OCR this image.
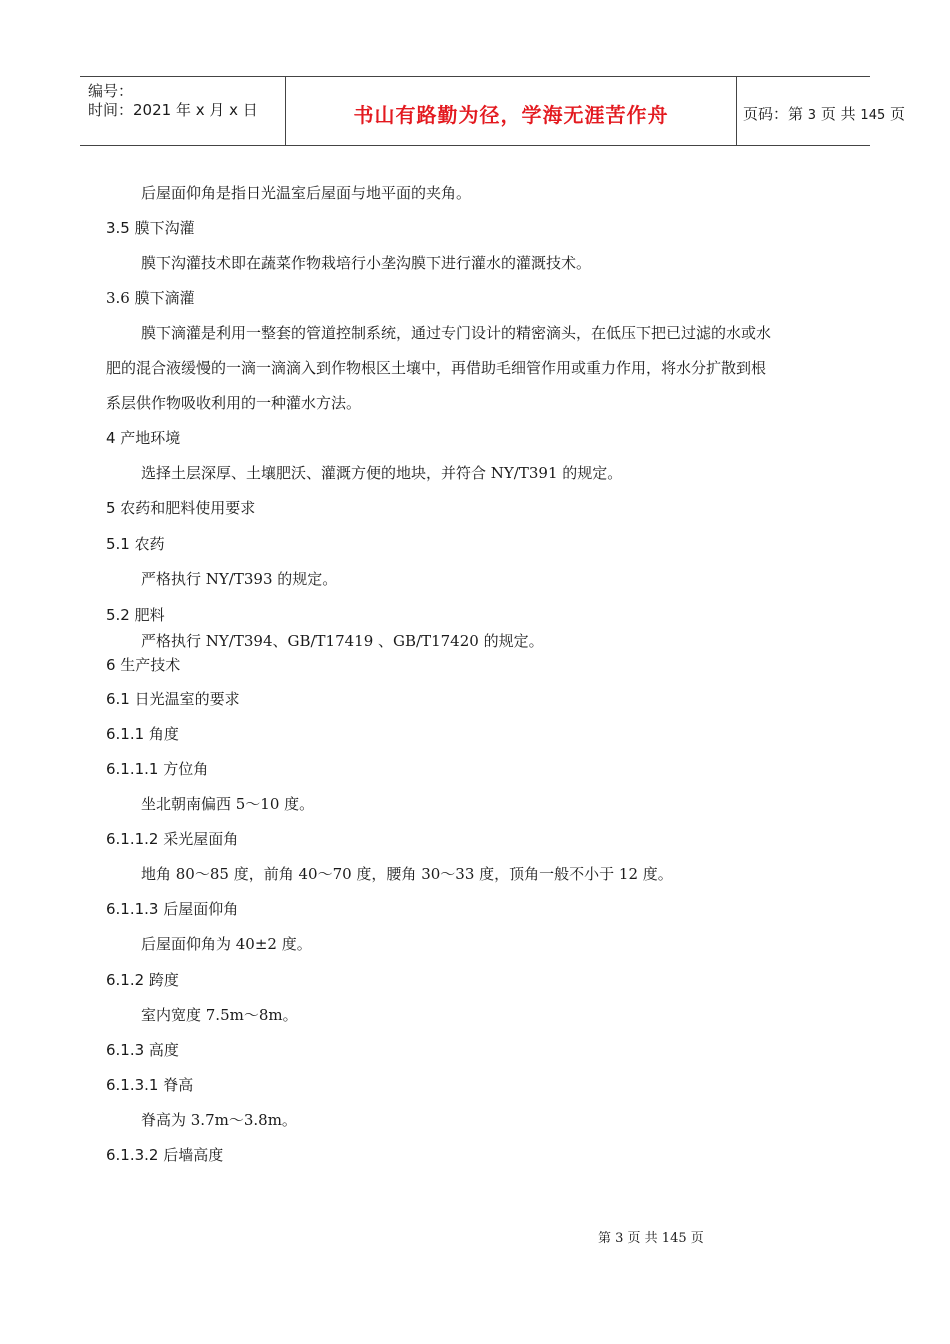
编号：
时间：2021 年 x 月 x 日	书山有路勤为径，学海无涯苦作舟	页码：第 3 页 共 145 页
后屋面仰角是指日光温室后屋面与地平面的夹角。
3.5 膜下沟灌
膜下沟灌技术即在蔬菜作物栽培行小垄沟膜下进行灌水的灌溉技术。
3.6 膜下滴灌
膜下滴灌是利用一整套的管道控制系统，通过专门设计的精密滴头，在低压下把已过滤的水或水
肥的混合液缓慢的一滴一滴滴入到作物根区土壤中，再借助毛细管作用或重力作用，将水分扩散到根
系层供作物吸收利用的一种灌水方法。
4 产地环境
选择土层深厚、土壤肥沃、灌溉方便的地块，并符合 NY/T391 的规定。
5 农药和肥料使用要求
5.1 农药
严格执行 NY/T393 的规定。
5.2 肥料
严格执行 NY/T394、GB/T17419 、GB/T17420 的规定。
6 生产技术
6.1 日光温室的要求
6.1.1 角度
6.1.1.1 方位角
坐北朝南偏西 5～10 度。
6.1.1.2 采光屋面角
地角 80～85 度，前角 40～70 度，腰角 30～33 度，顶角一般不小于 12 度。
6.1.1.3 后屋面仰角
后屋面仰角为 40±2 度。
6.1.2 跨度
室内宽度 7.5m～8m。
6.1.3 高度
6.1.3.1 脊高
脊高为 3.7m～3.8m。
6.1.3.2 后墙高度
第 3 页 共 145 页
